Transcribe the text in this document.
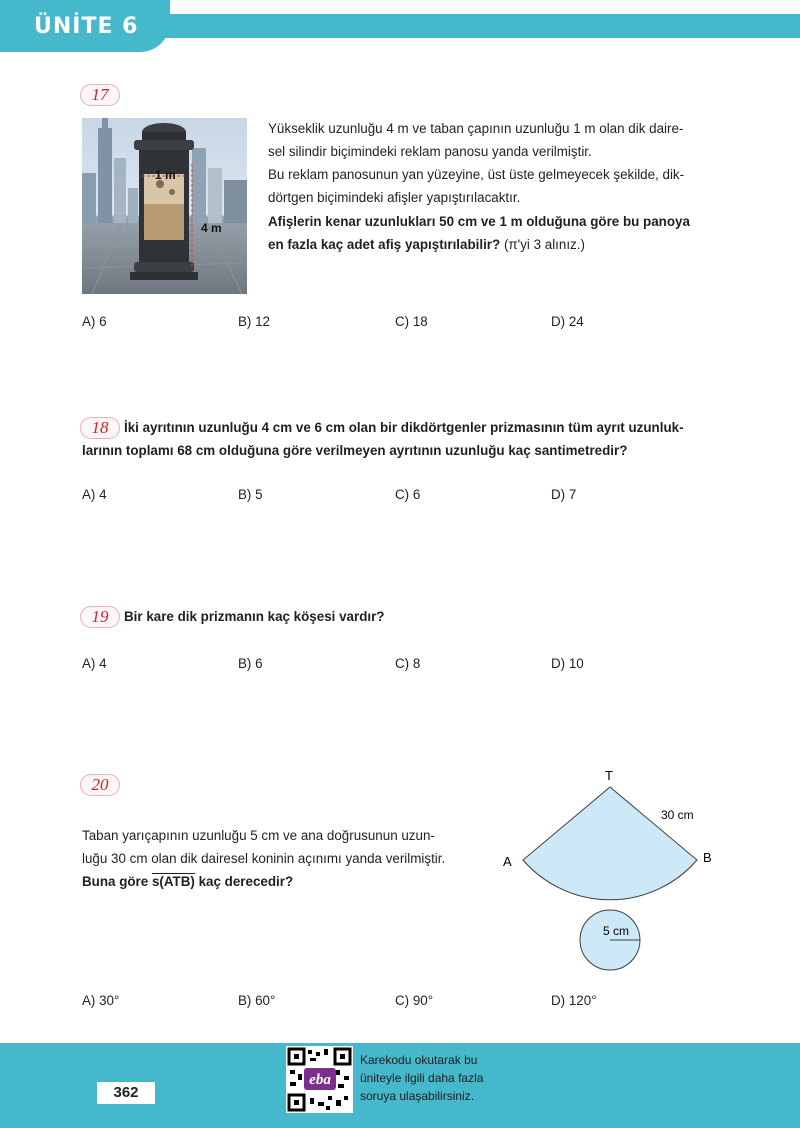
ÜNİTE 6
17
1 m
4 m
Yükseklik uzunluğu 4 m ve taban çapının uzunluğu 1 m olan dik daire-
sel silindir biçimindeki reklam panosu yanda verilmiştir.
Bu reklam panosunun yan yüzeyine, üst üste gelmeyecek şekilde, dik-
dörtgen biçimindeki afişler yapıştırılacaktır.
Afişlerin kenar uzunlukları 50 cm ve 1 m olduğuna göre bu panoya
en fazla kaç adet afiş yapıştırılabilir? (π'yi 3 alınız.)
A) 6	B) 12	C) 18	D) 24
18	İki ayrıtının uzunluğu 4 cm ve 6 cm olan bir dikdörtgenler prizmasının tüm ayrıt uzunluk-
larının toplamı 68 cm olduğuna göre verilmeyen ayrıtının uzunluğu kaç santimetredir?
A) 4	B) 5	C) 6	D) 7
19	Bir kare dik prizmanın kaç köşesi vardır?
A) 4	B) 6	C) 8	D) 10
20
Taban yarıçapının uzunluğu 5 cm ve ana doğrusunun uzun-
luğu 30 cm olan dik dairesel koninin açınımı yanda verilmiştir.
Buna göre s(ATB) kaç derecedir?
T
A	B
30 cm
5 cm
A) 30°	B) 60°	C) 90°	D) 120°
362
eba
Karekodu okutarak bu
üniteyle ilgili daha fazla
soruya ulaşabilirsiniz.
